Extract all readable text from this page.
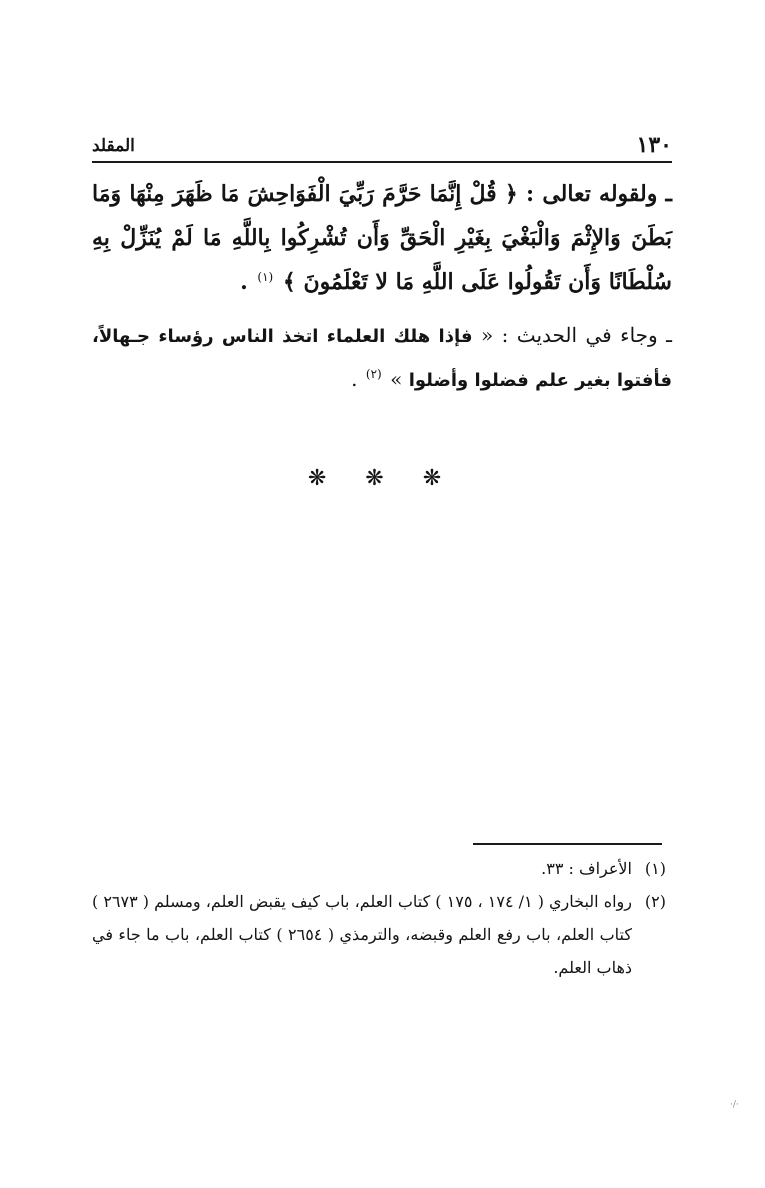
١٣٠
المقلد
ـ ولقوله تعالى : ﴿ قُلْ إِنَّمَا حَرَّمَ رَبِّيَ الْفَوَاحِشَ مَا ظَهَرَ مِنْهَا وَمَا بَطَنَ وَالإِثْمَ وَالْبَغْيَ بِغَيْرِ الْحَقِّ وَأَن تُشْرِكُوا بِاللَّهِ مَا لَمْ يُنَزِّلْ بِهِ سُلْطَانًا وَأَن تَقُولُوا عَلَى اللَّهِ مَا لا تَعْلَمُونَ ﴾ $^{(١)}$ .
ـ وجاء في الحديث : « فإذا هلك العلماء اتخذ الناس رؤساء جـهالاً، فأفتوا بغير علم فضلوا وأضلوا » $^{(٢)}$ .
❋ ❋ ❋
(١)
الأعراف : ٣٣.
(٢)
رواه البخاري ( ١/ ١٧٤ ، ١٧٥ ) كتاب العلم، باب كيف يقبض العلم، ومسلم ( ٢٦٧٣ ) كتاب العلم، باب رفع العلم وقبضه، والترمذي ( ٢٦٥٤ ) كتاب العلم، باب ما جاء في ذهاب العلم.
·/·
